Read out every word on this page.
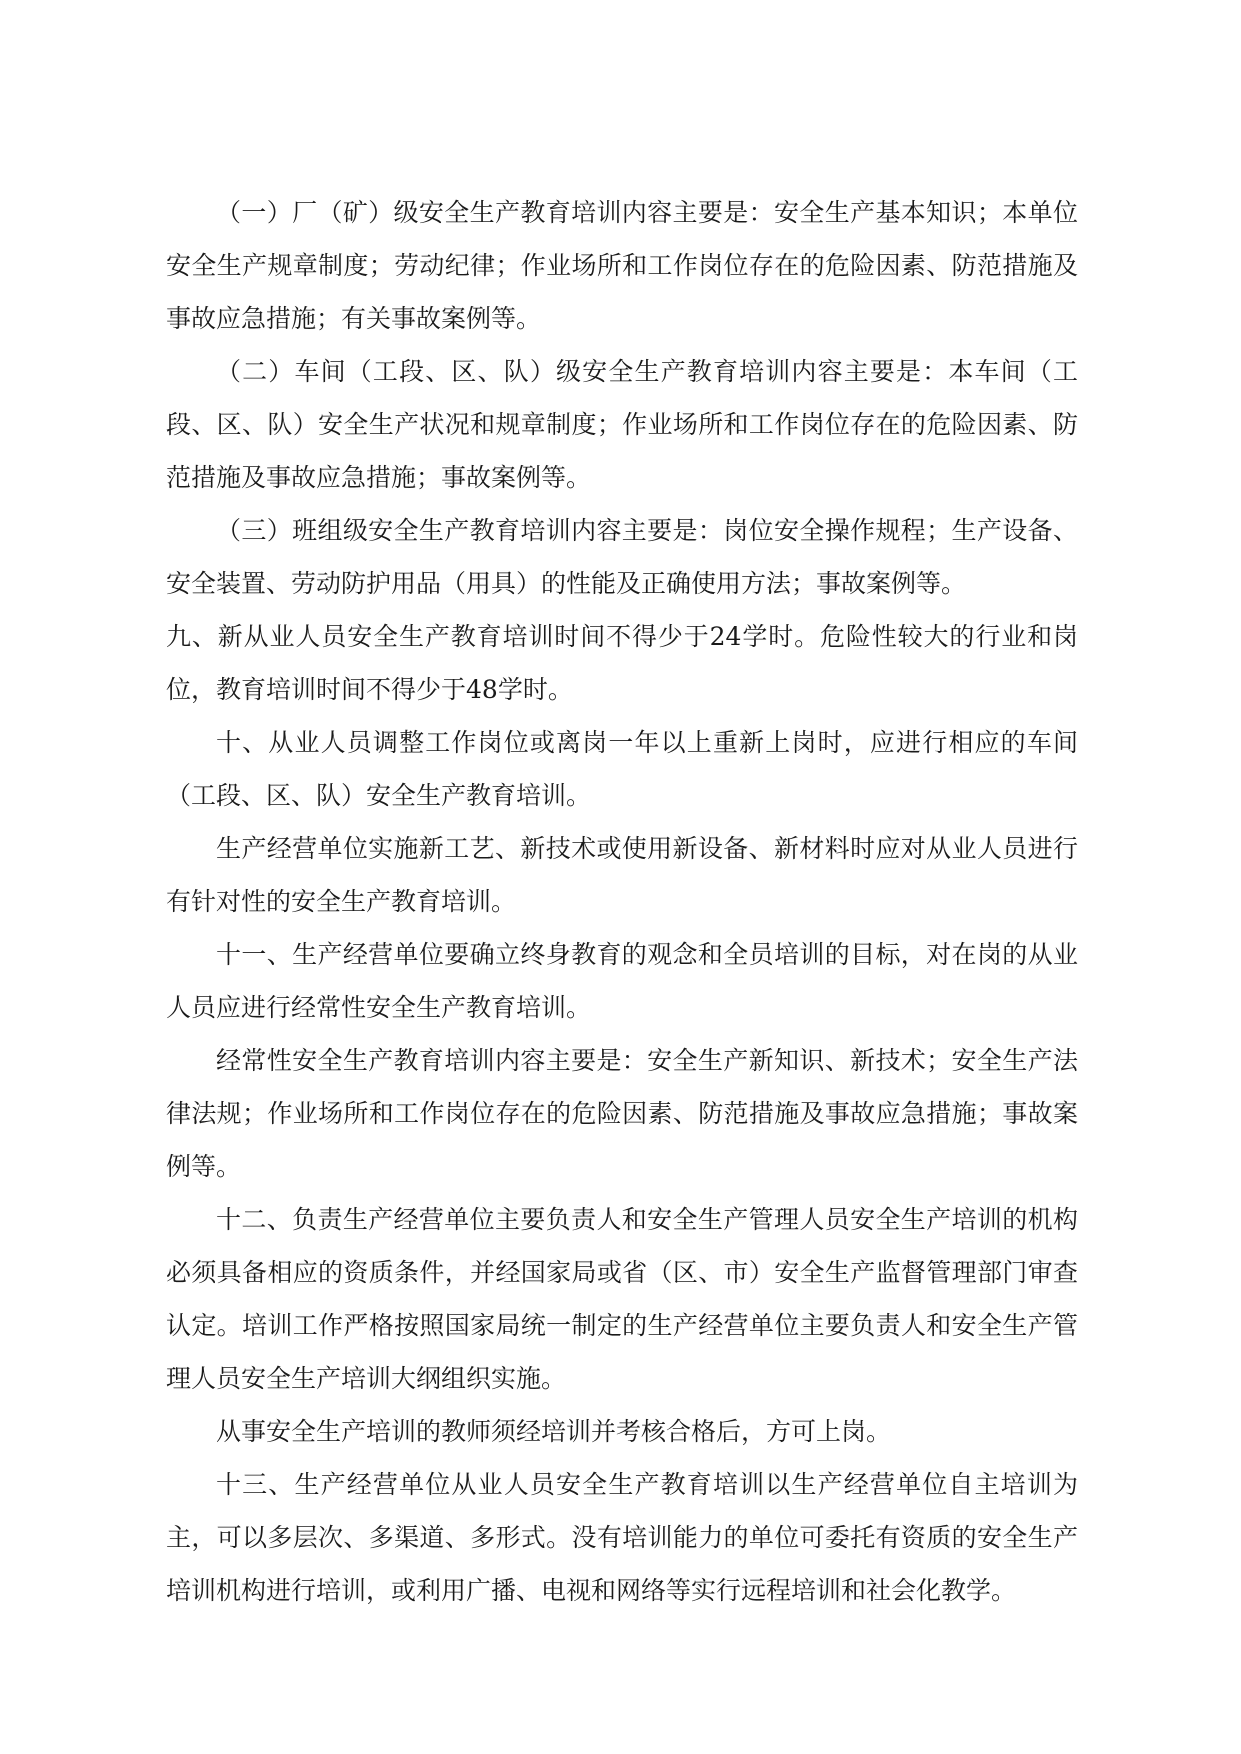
（一）厂（矿）级安全生产教育培训内容主要是：安全生产基本知识；本单位安全生产规章制度；劳动纪律；作业场所和工作岗位存在的危险因素、防范措施及事故应急措施；有关事故案例等。

（二）车间（工段、区、队）级安全生产教育培训内容主要是：本车间（工段、区、队）安全生产状况和规章制度；作业场所和工作岗位存在的危险因素、防范措施及事故应急措施；事故案例等。

（三）班组级安全生产教育培训内容主要是：岗位安全操作规程；生产设备、安全装置、劳动防护用品（用具）的性能及正确使用方法；事故案例等。

九、新从业人员安全生产教育培训时间不得少于24学时。危险性较大的行业和岗位，教育培训时间不得少于48学时。

十、从业人员调整工作岗位或离岗一年以上重新上岗时，应进行相应的车间（工段、区、队）安全生产教育培训。

生产经营单位实施新工艺、新技术或使用新设备、新材料时应对从业人员进行有针对性的安全生产教育培训。

十一、生产经营单位要确立终身教育的观念和全员培训的目标，对在岗的从业人员应进行经常性安全生产教育培训。

经常性安全生产教育培训内容主要是：安全生产新知识、新技术；安全生产法律法规；作业场所和工作岗位存在的危险因素、防范措施及事故应急措施；事故案例等。

十二、负责生产经营单位主要负责人和安全生产管理人员安全生产培训的机构必须具备相应的资质条件，并经国家局或省（区、市）安全生产监督管理部门审查认定。培训工作严格按照国家局统一制定的生产经营单位主要负责人和安全生产管理人员安全生产培训大纲组织实施。

从事安全生产培训的教师须经培训并考核合格后，方可上岗。

十三、生产经营单位从业人员安全生产教育培训以生产经营单位自主培训为主，可以多层次、多渠道、多形式。没有培训能力的单位可委托有资质的安全生产培训机构进行培训，或利用广播、电视和网络等实行远程培训和社会化教学。
